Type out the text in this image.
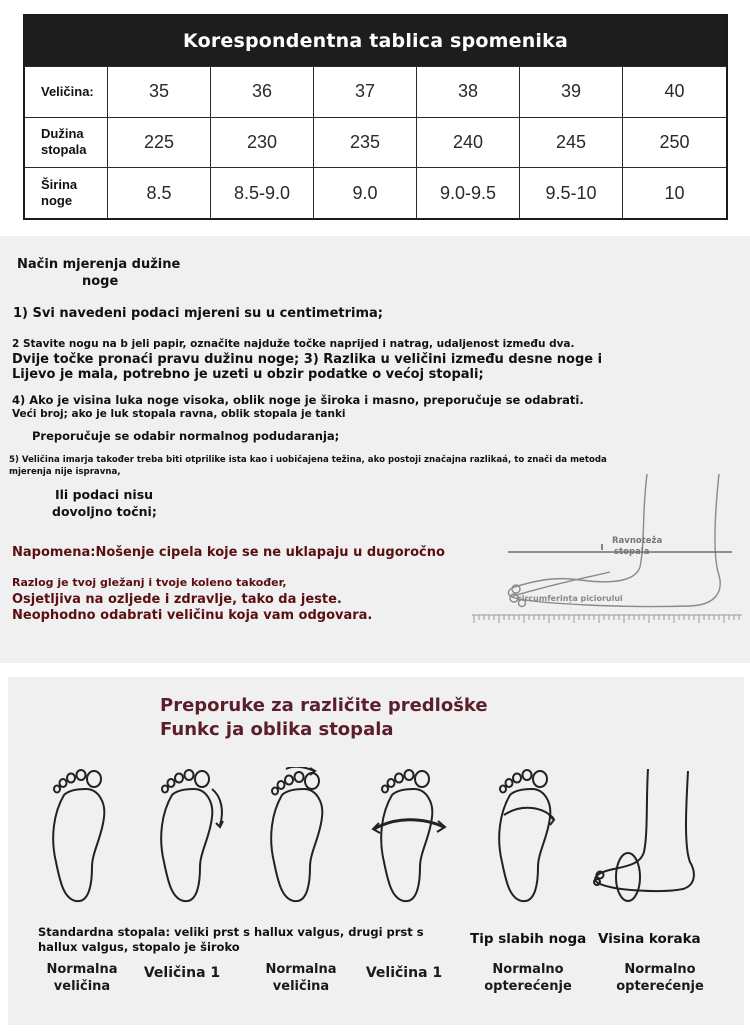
Korespondentna tablica spomenika
Veličina:	35	36	37	38	39	40
Dužina
stopala	225	230	235	240	245	250
Širina
noge	8.5	8.5-9.0	9.0	9.0-9.5	9.5-10	10
Način mjerenja dužine
noge
1) Svi navedeni podaci mjereni su u centimetrima;
2 Stavite nogu na b jeli papir, označite najduže točke naprijed i natrag, udaljenost između dva.
Dvije točke pronaći pravu dužinu noge; 3) Razlika u veličini između desne noge i
Lijevo je mala, potrebno je uzeti u obzir podatke o većoj stopali;
4) Ako je visina luka noge visoka, oblik noge je široka i masno, preporučuje se odabrati.
Veći broj; ako je luk stopala ravna, oblik stopala je tanki
Preporučuje se odabir normalnog podudaranja;
5) Veličina imarja također treba biti otprilike ista kao i uobičajena težina, ako postoji značajna razlikaá, to znači da metoda
mjerenja nije ispravna,
Ili podaci nisu
dovoljno točni;
Napomena:Nošenje cipela koje se ne uklapaju u dugoročno
Razlog je tvoj gležanj i tvoje koleno također,
Osjetljiva na ozljede i zdravlje, tako da jeste.
Neophodno odabrati veličinu koja vam odgovara.
Ravnoteža
stopala
circumferința piciorului
Preporuke za različite predloške
Funkc ja oblika stopala
Standardna stopala: veliki prst s hallux valgus, drugi prst s
hallux valgus, stopalo je široko	Tip slabih noga Visina koraka
Normalna
veličina
Veličina 1	Normalna
veličina
Veličina 1	Normalno
opterećenje
Normalno
opterećenje
